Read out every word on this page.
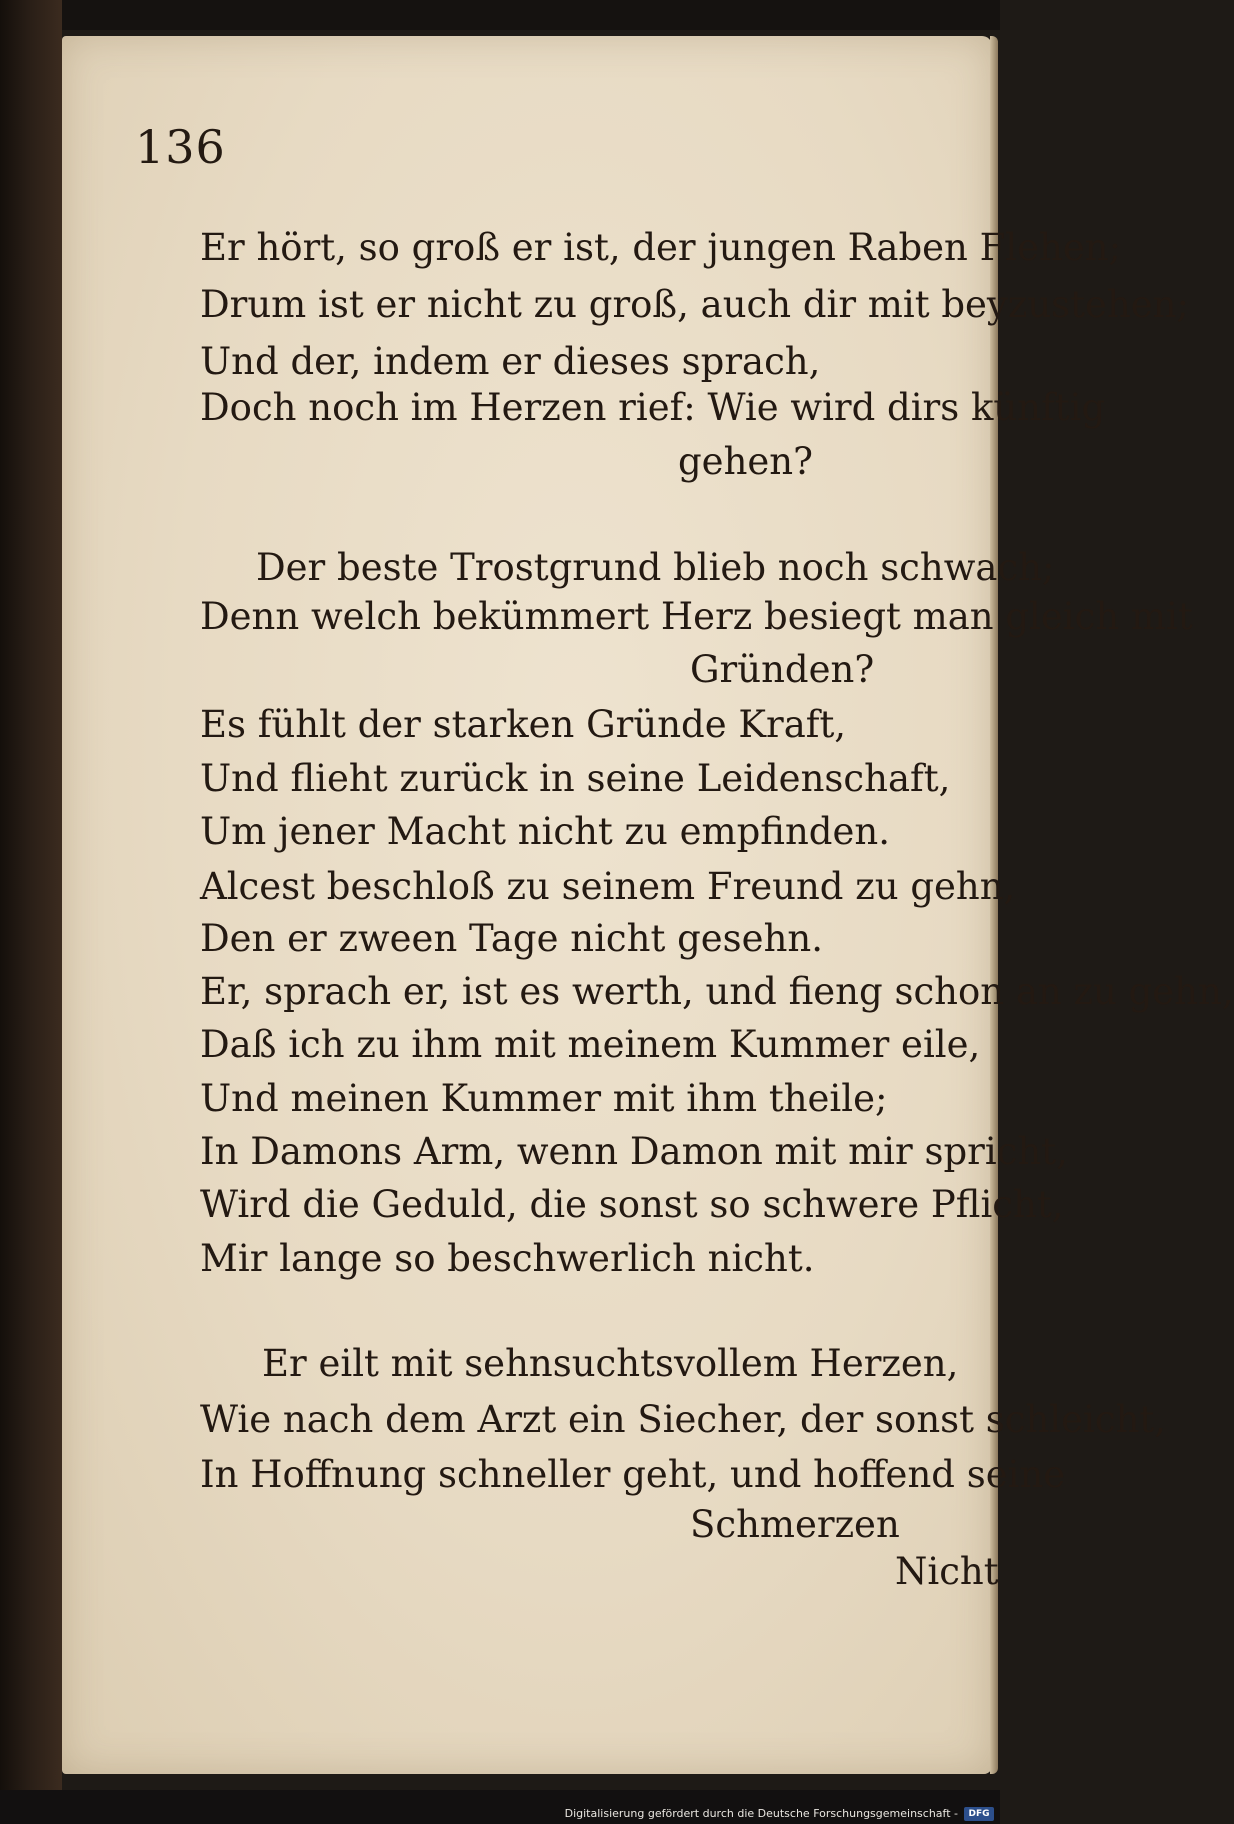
136
Er hört, so groß er ist, der jungen Raben Flehen;
Drum ist er nicht zu groß, auch dir mit beyzustehen;
Und der, indem er dieses sprach,
Doch noch im Herzen rief: Wie wird dirs künftig
gehen?
Der beste Trostgrund blieb noch schwach;
Denn welch bekümmert Herz besiegt man gleich mit
Gründen?
Es fühlt der starken Gründe Kraft,
Und flieht zurück in seine Leidenschaft,
Um jener Macht nicht zu empfinden.
Alcest beschloß zu seinem Freund zu gehn,
Den er zween Tage nicht gesehn.
Er, sprach er, ist es werth, und fieng schon an zu gehn,
Daß ich zu ihm mit meinem Kummer eile,
Und meinen Kummer mit ihm theile;
In Damons Arm, wenn Damon mit mir spricht,
Wird die Geduld, die sonst so schwere Pflicht,
Mir lange so beschwerlich nicht.
Er eilt mit sehnsuchtsvollem Herzen,
Wie nach dem Arzt ein Siecher, der sonst schleicht,
In Hoffnung schneller geht, und hoffend seine
Schmerzen
Nicht
Digitalisierung gefördert durch die Deutsche Forschungsgemeinschaft -	DFG
